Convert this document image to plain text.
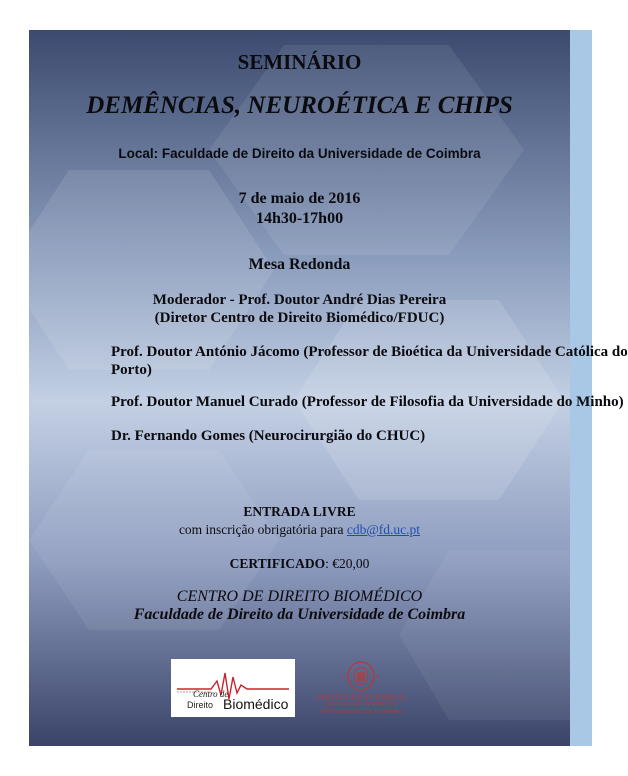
SEMINÁRIO
DEMÊNCIAS, NEUROÉTICA E CHIPS
Local: Faculdade de Direito da Universidade de Coimbra
7 de maio de 2016
14h30-17h00
Mesa Redonda
Moderador - Prof. Doutor André Dias Pereira
(Diretor Centro de Direito Biomédico/FDUC)
Prof. Doutor António Jácomo (Professor de Bioética da Universidade Católica do
Porto)
Prof. Doutor Manuel Curado (Professor de Filosofia da Universidade do Minho)
Dr. Fernando Gomes (Neurocirurgião do CHUC)
ENTRADA LIVRE
com inscrição obrigatória para cdb@fd.uc.pt
CERTIFICADO: €20,00
CENTRO DE DIREITO BIOMÉDICO
Faculdade de Direito da Universidade de Coimbra
Centro de
Direito Biomédico	INSTITVTO·IVRIDICO
FACVLDADE DE DIREITO
VNIVERSIDADE DE COIMBRA
